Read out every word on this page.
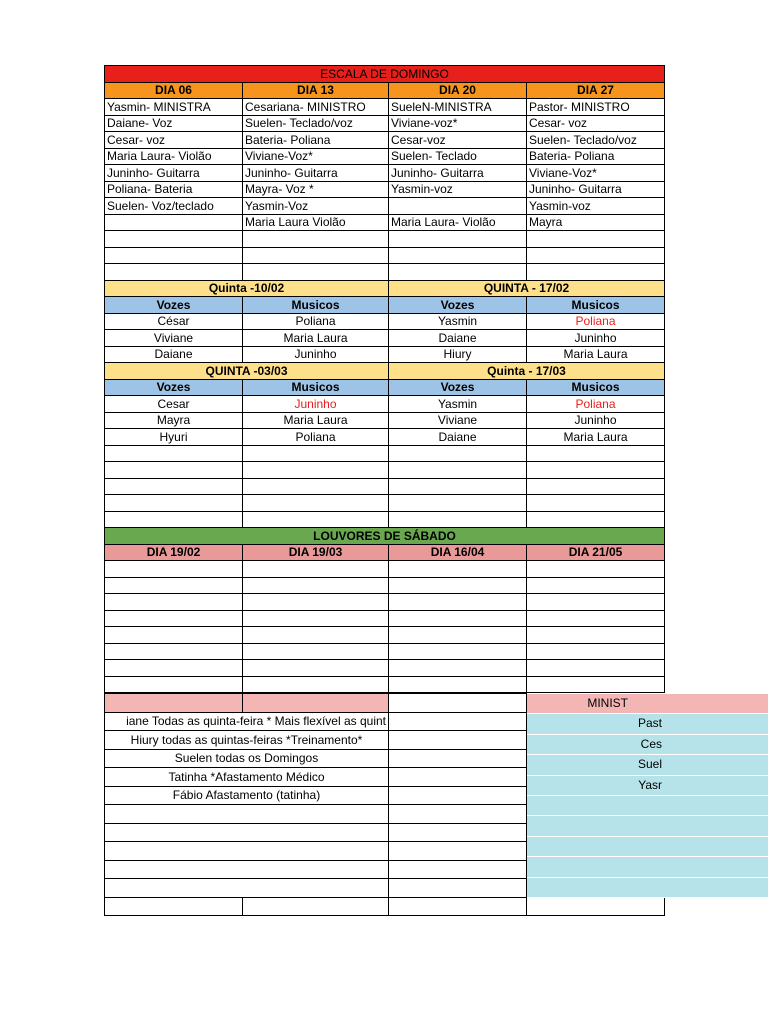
ESCALA DE DOMINGO			
DIA 06	DIA 13	DIA 20	DIA 27
Yasmin- MINISTRA	Cesariana- MINISTRO	SueleN-MINISTRA	Pastor- MINISTRO
Daiane- Voz	Suelen- Teclado/voz	Viviane-voz*	Cesar- voz
Cesar- voz	Bateria- Poliana	Cesar-voz	Suelen- Teclado/voz
Maria Laura- Violão	Viviane-Voz*	Suelen- Teclado	Bateria- Poliana
Juninho- Guitarra	Juninho- Guitarra	Juninho- Guitarra	Viviane-Voz*
Poliana- Bateria	Mayra- Voz *	Yasmin-voz	Juninho- Guitarra
Suelen- Voz/teclado	Yasmin-Voz		Yasmin-voz
	Maria Laura Violão	Maria Laura- Violão	Mayra

Quinta -10/02		QUINTA - 17/02	
Vozes	Musicos	Vozes	Musicos
César	Poliana	Yasmin	Poliana
Viviane	Maria Laura	Daiane	Juninho
Daiane	Juninho	Hiury	Maria Laura
QUINTA -03/03		Quinta - 17/03	
Vozes	Musicos	Vozes	Musicos
Cesar	Juninho	Yasmin	Poliana
Mayra	Maria Laura	Viviane	Juninho
Hyuri	Poliana	Daiane	Maria Laura

LOUVORES DE SÁBADO			
DIA 19/02	DIA 19/03	DIA 16/04	DIA 21/05

iane Todas as quinta-feira * Mais flexível as quint			
Hiury todas as quintas-feiras *Treinamento*			
Suelen todas os Domingos			
Tatinha *Afastamento Médico			
Fábio Afastamento (tatinha)			

MINIST
Past
Ces
Suel
Yasr
